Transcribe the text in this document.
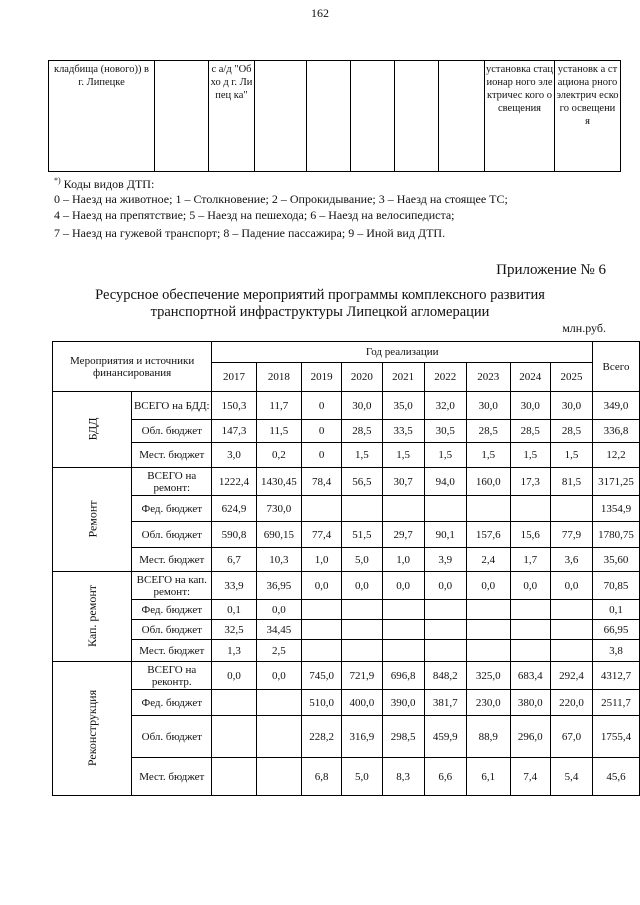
162
кладбища (нового)) в г. Липецке		с а/д "Обхо д г. Липец ка"						установка стационар ного электричес кого освещения	установк а стациона рного электрич еского освещени я
*) Коды видов ДТП:
0 – Наезд на животное; 1 – Столкновение; 2 – Опрокидывание; 3 – Наезд на стоящее ТС;
4 – Наезд на препятствие; 5 – Наезд на пешехода; 6 – Наезд на велосипедиста;
7 – Наезд на гужевой транспорт; 8 – Падение пассажира; 9 – Иной вид ДТП.
Приложение № 6
Ресурсное обеспечение мероприятий программы комплексного развития
транспортной инфраструктуры Липецкой агломерации
млн.руб.
Мероприятия и источники финансирования		Год реализации									Всего
		2017	2018	2019	2020	2021	2022	2023	2024	2025	
БДД	ВСЕГО на БДД:	150,3	11,7	0	30,0	35,0	32,0	30,0	30,0	30,0	349,0
	Обл. бюджет	147,3	11,5	0	28,5	33,5	30,5	28,5	28,5	28,5	336,8
	Мест. бюджет	3,0	0,2	0	1,5	1,5	1,5	1,5	1,5	1,5	12,2
Ремонт	ВСЕГО на ремонт:	1222,4	1430,45	78,4	56,5	30,7	94,0	160,0	17,3	81,5	3171,25
	Фед. бюджет	624,9	730,0								1354,9
	Обл. бюджет	590,8	690,15	77,4	51,5	29,7	90,1	157,6	15,6	77,9	1780,75
	Мест. бюджет	6,7	10,3	1,0	5,0	1,0	3,9	2,4	1,7	3,6	35,60
Кап. ремонт	ВСЕГО на кап. ремонт:	33,9	36,95	0,0	0,0	0,0	0,0	0,0	0,0	0,0	70,85
	Фед. бюджет	0,1	0,0								0,1
	Обл. бюджет	32,5	34,45								66,95
	Мест. бюджет	1,3	2,5								3,8
Реконструкция	ВСЕГО на реконтр.	0,0	0,0	745,0	721,9	696,8	848,2	325,0	683,4	292,4	4312,7
	Фед. бюджет			510,0	400,0	390,0	381,7	230,0	380,0	220,0	2511,7
	Обл. бюджет			228,2	316,9	298,5	459,9	88,9	296,0	67,0	1755,4
	Мест. бюджет			6,8	5,0	8,3	6,6	6,1	7,4	5,4	45,6
